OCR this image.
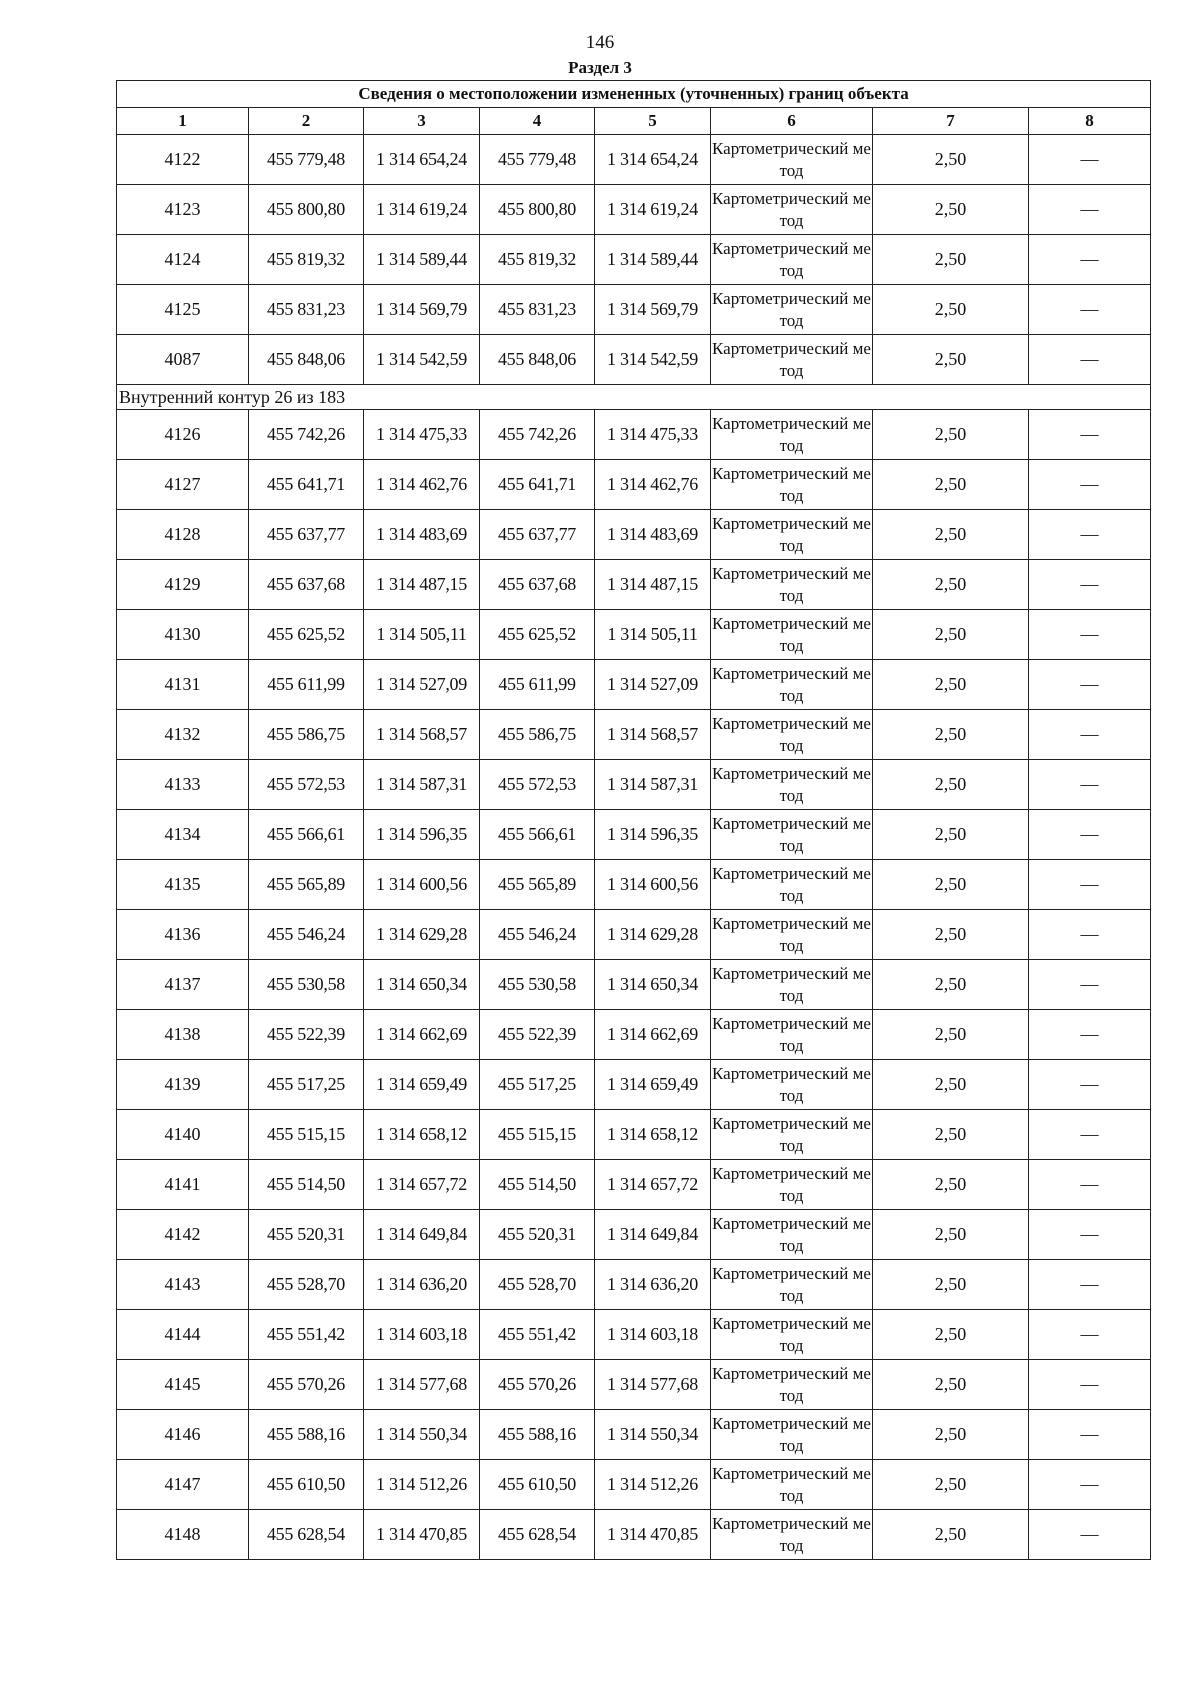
146
Раздел 3
Сведения о местоположении измененных (уточненных) границ объекта							
1	2	3	4	5	6	7	8
4122	455 779,48	1 314 654,24	455 779,48	1 314 654,24	Картометрический метод	2,50	—
4123	455 800,80	1 314 619,24	455 800,80	1 314 619,24	Картометрический метод	2,50	—
4124	455 819,32	1 314 589,44	455 819,32	1 314 589,44	Картометрический метод	2,50	—
4125	455 831,23	1 314 569,79	455 831,23	1 314 569,79	Картометрический метод	2,50	—
4087	455 848,06	1 314 542,59	455 848,06	1 314 542,59	Картометрический метод	2,50	—
Внутренний контур 26 из 183							
4126	455 742,26	1 314 475,33	455 742,26	1 314 475,33	Картометрический метод	2,50	—
4127	455 641,71	1 314 462,76	455 641,71	1 314 462,76	Картометрический метод	2,50	—
4128	455 637,77	1 314 483,69	455 637,77	1 314 483,69	Картометрический метод	2,50	—
4129	455 637,68	1 314 487,15	455 637,68	1 314 487,15	Картометрический метод	2,50	—
4130	455 625,52	1 314 505,11	455 625,52	1 314 505,11	Картометрический метод	2,50	—
4131	455 611,99	1 314 527,09	455 611,99	1 314 527,09	Картометрический метод	2,50	—
4132	455 586,75	1 314 568,57	455 586,75	1 314 568,57	Картометрический метод	2,50	—
4133	455 572,53	1 314 587,31	455 572,53	1 314 587,31	Картометрический метод	2,50	—
4134	455 566,61	1 314 596,35	455 566,61	1 314 596,35	Картометрический метод	2,50	—
4135	455 565,89	1 314 600,56	455 565,89	1 314 600,56	Картометрический метод	2,50	—
4136	455 546,24	1 314 629,28	455 546,24	1 314 629,28	Картометрический метод	2,50	—
4137	455 530,58	1 314 650,34	455 530,58	1 314 650,34	Картометрический метод	2,50	—
4138	455 522,39	1 314 662,69	455 522,39	1 314 662,69	Картометрический метод	2,50	—
4139	455 517,25	1 314 659,49	455 517,25	1 314 659,49	Картометрический метод	2,50	—
4140	455 515,15	1 314 658,12	455 515,15	1 314 658,12	Картометрический метод	2,50	—
4141	455 514,50	1 314 657,72	455 514,50	1 314 657,72	Картометрический метод	2,50	—
4142	455 520,31	1 314 649,84	455 520,31	1 314 649,84	Картометрический метод	2,50	—
4143	455 528,70	1 314 636,20	455 528,70	1 314 636,20	Картометрический метод	2,50	—
4144	455 551,42	1 314 603,18	455 551,42	1 314 603,18	Картометрический метод	2,50	—
4145	455 570,26	1 314 577,68	455 570,26	1 314 577,68	Картометрический метод	2,50	—
4146	455 588,16	1 314 550,34	455 588,16	1 314 550,34	Картометрический метод	2,50	—
4147	455 610,50	1 314 512,26	455 610,50	1 314 512,26	Картометрический метод	2,50	—
4148	455 628,54	1 314 470,85	455 628,54	1 314 470,85	Картометрический метод	2,50	—
